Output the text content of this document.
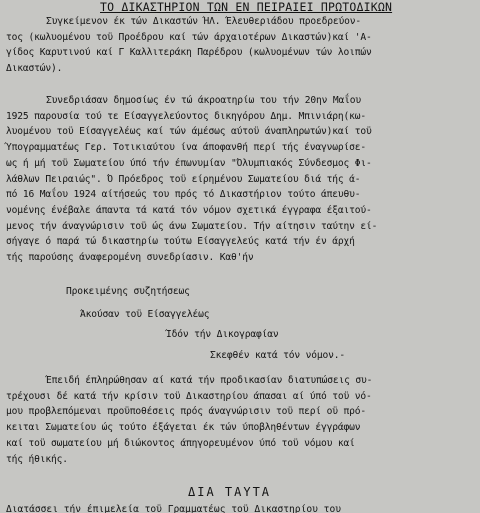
ΤΟ ΔΙΚΑΣΤΗΡΙΟΝ ΤΩΝ ΕΝ ΠΕΙΡΑΙΕΙ ΠΡΩΤΟΔΙΚΩΝ
Συγκείμενον έκ τών Δικαστών ΉΛ. Έλευθεριάδου προεδρεύον-
τος (κωλυομένου τοϋ Προέδρου καί τών άρχαιοτέρων Δικαστών)καί 'Α-
γίδος Καρυτινού καί Γ Καλλιτεράκη Παρέδρου (κωλυομένων τών λοιπών
Δικαστών).
Συνεδριάσαν δημοσίως έν τώ άκροατηρίω του τήν 20ην Μαΐου
1925 παρουσία τού τε Είσαγγελεύοντος δικηγόρου Δημ. Μπινιάρη(κω-
λυομένου τοϋ Είσαγγελέως καί τών άμέσως αύτοϋ άναπληρωτών)καί τοϋ
Ύπογραμματέως Γερ. Τοτικιαύτου ίνα άποφανθή περί τής έναγνωρίσε-
ως ή μή τοϋ Σωματείου ύπό τήν έπωνυμίαν "Όλυμπιακός Σύνδεσμος Φι-
λάθλων Πειραιώς". Ό Πρόεδρος τοϋ είρημένου Σωματείου διά τής ά-
πό 16 Μαΐου 1924 αίτήσεώς του πρός τό Δικαστήριον τούτο άπευθυ-
νομένης ένέβαλε άπαντα τά κατά τόν νόμον σχετικά έγγραφα έξαιτού-
μενος τήν άναγνώρισιν τοϋ ώς άνω Σωματείου. Τήν αίτησιν ταύτην εί-
σήγαγε ό παρά τώ δικαστηρίω τούτω Είσαγγελεύς κατά τήν έν άρχή
τής παρούσης άναφερομένη συνεδρίασιν. Καθ'ήν
Προκειμένης συζητήσεως
Άκούσαν τοϋ Είσαγγελέως
Ίδόν τήν Δικογραφίαν
Σκεφθέν κατά τόν νόμον.-
Έπειδή έπληρώθησαν αί κατά τήν προδικασίαν διατυπώσεις συ-
τρέχουσι δέ κατά τήν κρίσιν τοϋ Δικαστηρίου άπασαι αί ύπό τοϋ νό-
μου προβλεπόμεναι προϋποθέσεις πρός άναγνώρισιν τοϋ περί οϋ πρό-
κειται Σωματείου ώς τούτο έξάγεται έκ τών ύποβληθέντων έγγράφων
καί τοϋ σωματείου μή διώκοντος άπηγορευμένον ύπό τοϋ νόμου καί
τής ήθικής.
ΔΙΑ ΤΑΥΤΑ
Διατάσσει τήν έπιμελεία τοϋ Γραμματέως τοϋ Δικαστηρίου του
